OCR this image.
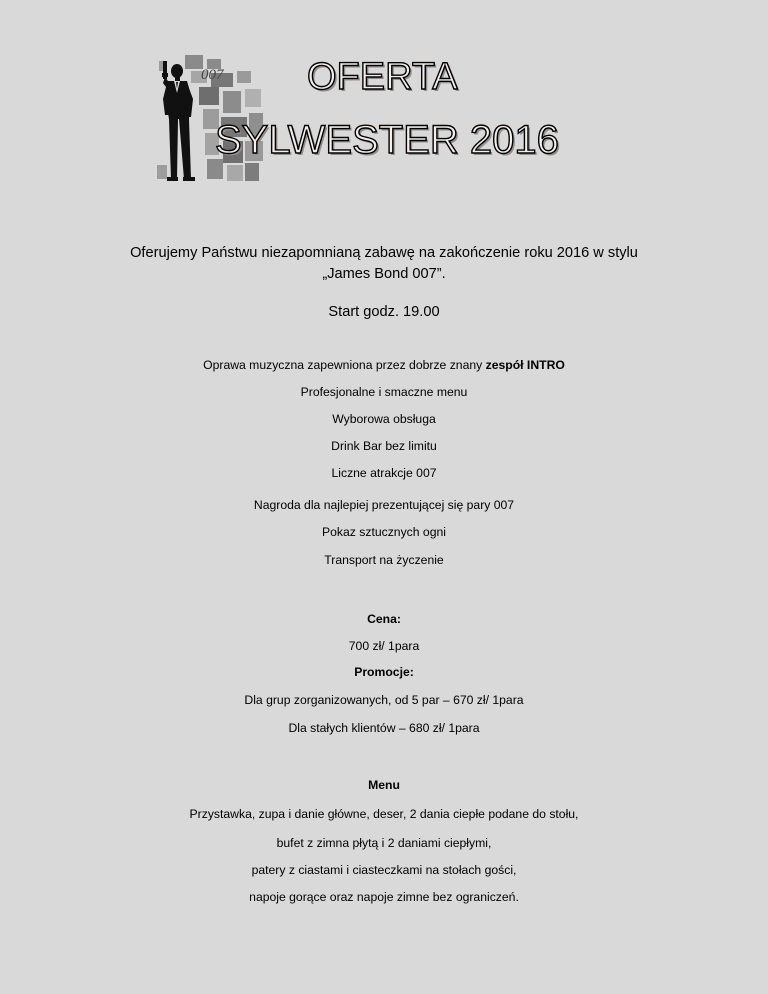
007 OFERTA
SYLWESTER 2016
Oferujemy Państwu niezapomnianą zabawę na zakończenie roku 2016 w stylu
„James Bond 007”.
Start godz. 19.00
Oprawa muzyczna zapewniona przez dobrze znany zespół INTRO
Profesjonalne i smaczne menu
Wyborowa obsługa
Drink Bar bez limitu
Liczne atrakcje 007
Nagroda dla najlepiej prezentującej się pary 007
Pokaz sztucznych ogni
Transport na życzenie
Cena:
700 zł/ 1para
Promocje:
Dla grup zorganizowanych, od 5 par – 670 zł/ 1para
Dla stałych klientów – 680 zł/ 1para
Menu
Przystawka, zupa i danie główne, deser, 2 dania ciepłe podane do stołu,
bufet z zimna płytą i 2 daniami ciepłymi,
patery z ciastami i ciasteczkami na stołach gości,
napoje gorące oraz napoje zimne bez ograniczeń.
